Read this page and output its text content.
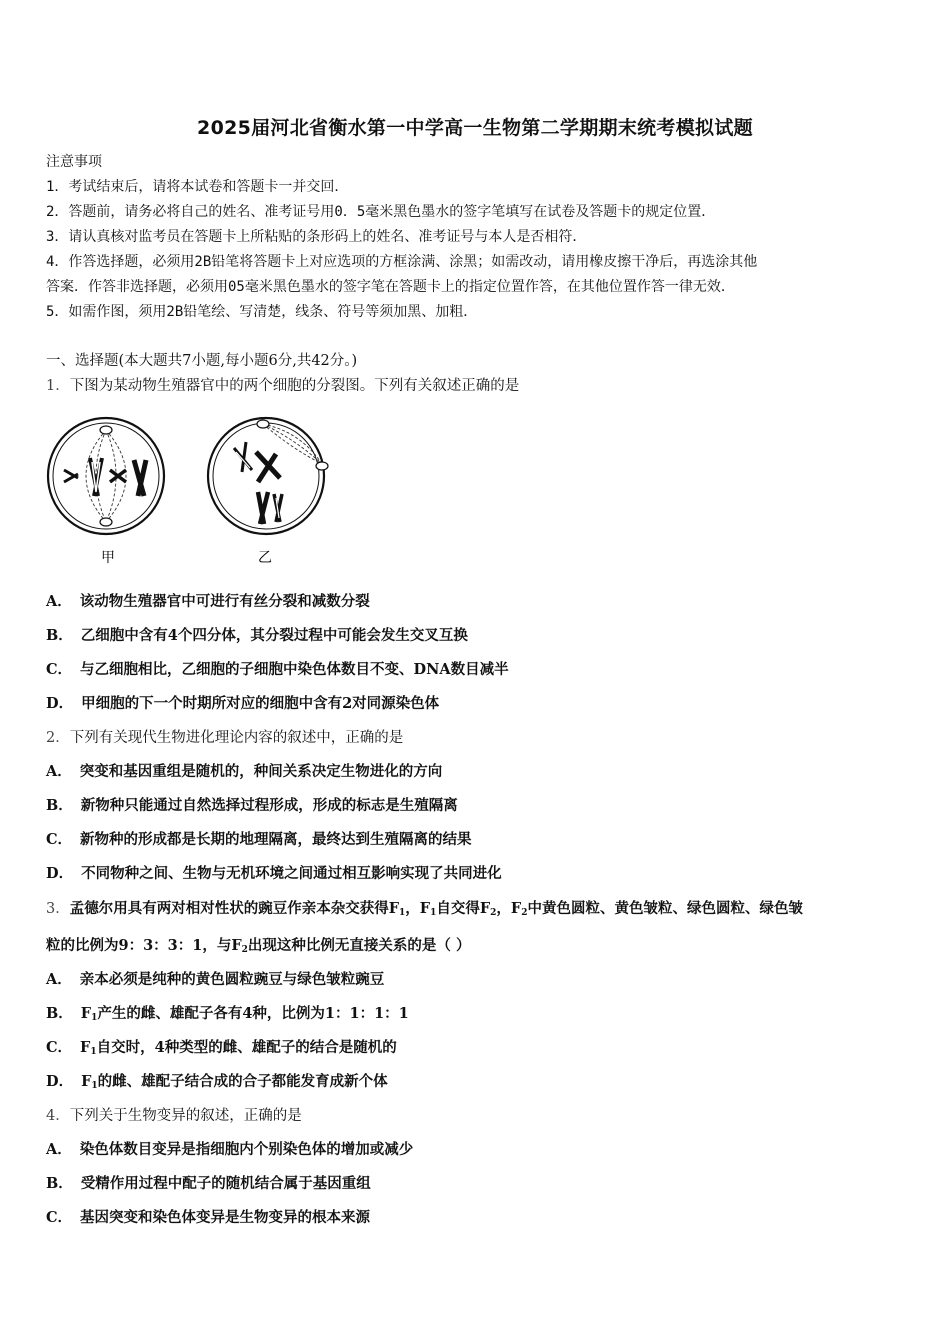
2025届河北省衡水第一中学高一生物第二学期期末统考模拟试题
注意事项
1．考试结束后，请将本试卷和答题卡一并交回．
2．答题前，请务必将自己的姓名、准考证号用0．5毫米黑色墨水的签字笔填写在试卷及答题卡的规定位置．
3．请认真核对监考员在答题卡上所粘贴的条形码上的姓名、准考证号与本人是否相符．
4．作答选择题，必须用2B铅笔将答题卡上对应选项的方框涂满、涂黑；如需改动，请用橡皮擦干净后，再选涂其他
答案．作答非选择题，必须用05毫米黑色墨水的签字笔在答题卡上的指定位置作答，在其他位置作答一律无效．
5．如需作图，须用2B铅笔绘、写清楚，线条、符号等须加黑、加粗．
一、选择题(本大题共7小题,每小题6分,共42分。)
1．下图为某动物生殖器官中的两个细胞的分裂图。下列有关叙述正确的是
甲	乙
A． 该动物生殖器官中可进行有丝分裂和减数分裂
B． 乙细胞中含有4个四分体，其分裂过程中可能会发生交叉互换
C． 与乙细胞相比，乙细胞的子细胞中染色体数目不变、DNA数目减半
D． 甲细胞的下一个时期所对应的细胞中含有2对同源染色体
2．下列有关现代生物进化理论内容的叙述中，正确的是
A． 突变和基因重组是随机的，种间关系决定生物进化的方向
B． 新物种只能通过自然选择过程形成，形成的标志是生殖隔离
C． 新物种的形成都是长期的地理隔离，最终达到生殖隔离的结果
D． 不同物种之间、生物与无机环境之间通过相互影响实现了共同进化
3．孟德尔用具有两对相对性状的豌豆作亲本杂交获得$F_1$，$F_1$自交得$F_2$，$F_2$中黄色圆粒、黄色皱粒、绿色圆粒、绿色皱
粒的比例为9：3：3：1，与$F_2$出现这种比例无直接关系的是（ ）
A． 亲本必须是纯种的黄色圆粒豌豆与绿色皱粒豌豆
B． $F_1$产生的雌、雄配子各有4种，比例为1：1：1：1
C． $F_1$自交时，4种类型的雌、雄配子的结合是随机的
D． $F_1$的雌、雄配子结合成的合子都能发育成新个体
4．下列关于生物变异的叙述，正确的是
A． 染色体数目变异是指细胞内个别染色体的增加或减少
B． 受精作用过程中配子的随机结合属于基因重组
C． 基因突变和染色体变异是生物变异的根本来源
